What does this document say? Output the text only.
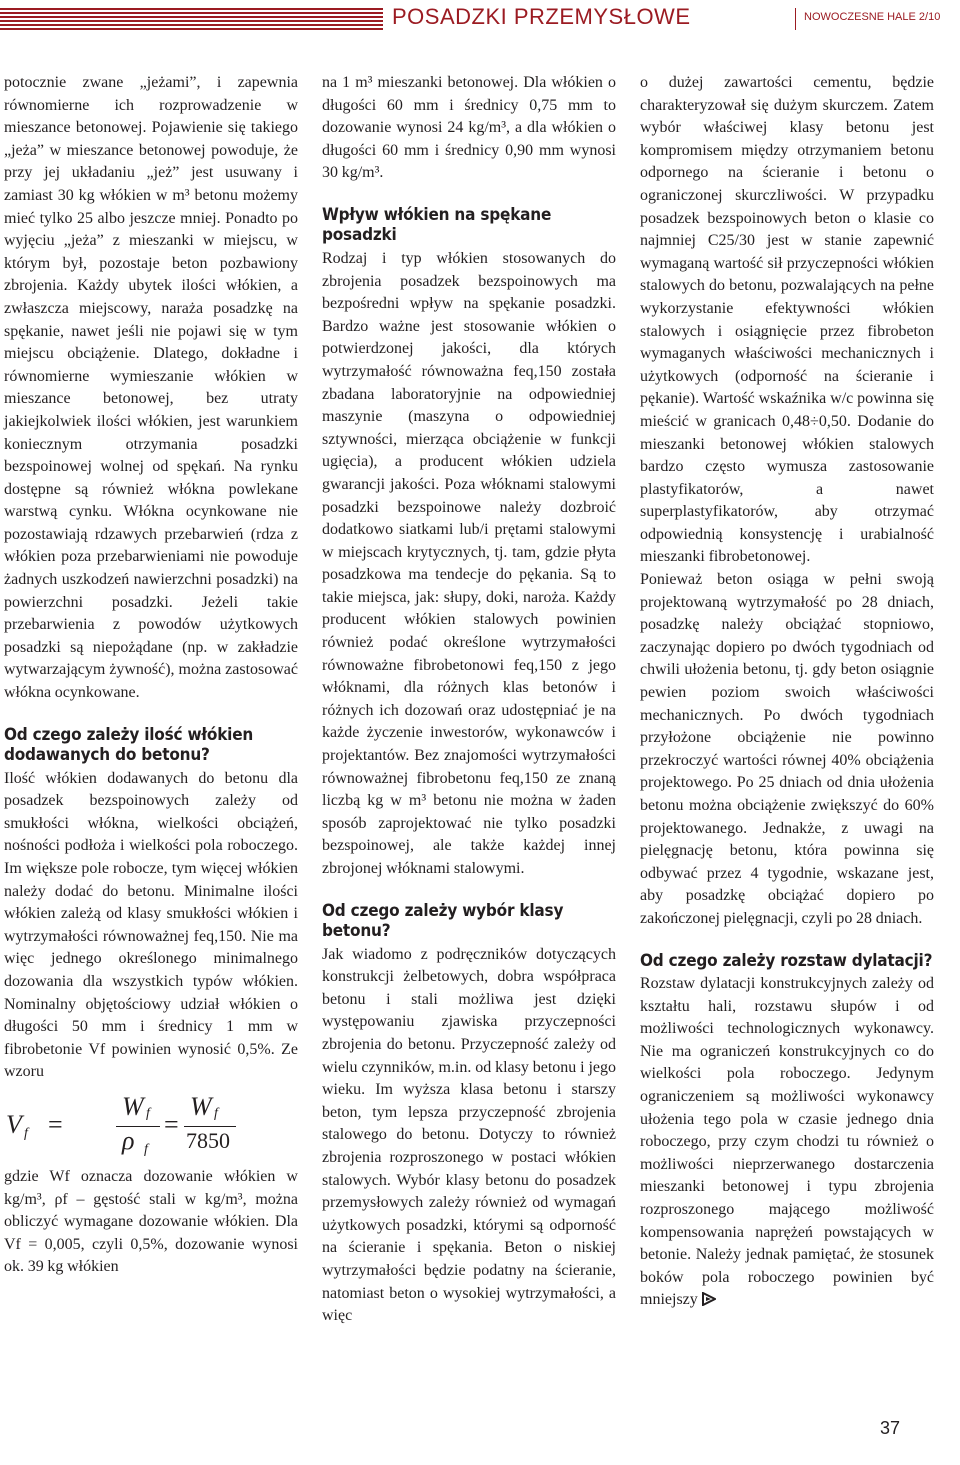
POSADZKI PRZEMYSŁOWE	NOWOCZESNE HALE 2/10

potocznie zwane „jeżami”, i zapewnia równomierne ich rozprowadzenie w mieszance betonowej. Pojawienie się takiego „jeża” w mieszance betonowej powoduje, że przy jej układaniu „jeż” jest usuwany i zamiast 30 kg włókien w m³ betonu możemy mieć tylko 25 albo jeszcze mniej. Ponadto po wyjęciu „jeża” z mieszanki w miejscu, w którym był, pozostaje beton pozbawiony zbrojenia. Każdy ubytek ilości włókien, a zwłaszcza miejscowy, naraża posadzkę na spękanie, nawet jeśli nie pojawi się w tym miejscu obciążenie. Dlatego, dokładne i równomierne wymieszanie włókien w mieszance betonowej, bez utraty jakiejkolwiek ilości włókien, jest warunkiem koniecznym otrzymania posadzki bezspoinowej wolnej od spękań. Na rynku dostępne są również włókna powlekane warstwą cynku. Włókna ocynkowane nie pozostawiają rdzawych przebarwień (rdza z włókien poza przebarwieniami nie powoduje żadnych uszkodzeń nawierzchni posadzki) na powierzchni posadzki. Jeżeli takie przebarwienia z powodów użytkowych posadzki są niepożądane (np. w zakładzie wytwarzającym żywność), można zastosować włókna ocynkowane.

Od czego zależy ilość włókien dodawanych do betonu?

Ilość włókien dodawanych do betonu dla posadzek bezspoinowych zależy od smukłości włókna, wielkości obciążeń, nośności podłoża i wielkości pola roboczego. Im większe pole robocze, tym więcej włókien należy dodać do betonu. Minimalne ilości włókien zależą od klasy smukłości włókien i wytrzymałości równoważnej feq,150. Nie ma więc jednego określonego minimalnego dozowania dla wszystkich typów włókien. Nominalny objętościowy udział włókien o długości 50 mm i średnicy 1 mm w fibrobetonie Vf powinien wynosić 0,5%. Ze wzoru

V f =
W f
ρ f
=
W f
7850

gdzie Wf oznacza dozowanie włókien w kg/m³, ρf – gęstość stali w kg/m³, można obliczyć wymagane dozowanie włókien. Dla Vf = 0,005, czyli 0,5%, dozowanie wynosi ok. 39 kg włókien

na 1 m³ mieszanki betonowej. Dla włókien o długości 60 mm i średnicy 0,75 mm to dozowanie wynosi 24 kg/m³, a dla włókien o długości 60 mm i średnicy 0,90 mm wynosi 30 kg/m³.

Wpływ włókien na spękane posadzki

Rodzaj i typ włókien stosowanych do zbrojenia posadzek bezspoinowych ma bezpośredni wpływ na spękanie posadzki. Bardzo ważne jest stosowanie włókien o potwierdzonej jakości, dla których wytrzymałość równoważna feq,150 została zbadana laboratoryjnie na odpowiedniej maszynie (maszyna o odpowiedniej sztywności, mierząca obciążenie w funkcji ugięcia), a producent włókien udziela gwarancji jakości. Poza włóknami stalowymi posadzki bezspoinowe należy dozbroić dodatkowo siatkami lub/i prętami stalowymi w miejscach krytycznych, tj. tam, gdzie płyta posadzkowa ma tendecje do pękania. Są to takie miejsca, jak: słupy, doki, naroża. Każdy producent włókien stalowych powinien również podać określone wytrzymałości równoważne fibrobetonowi feq,150 z jego włóknami, dla różnych klas betonów i różnych ich dozowań oraz udostępniać je na każde życzenie inwestorów, wykonawców i projektantów. Bez znajomości wytrzymałości równoważnej fibrobetonu feq,150 ze znaną liczbą kg w m³ betonu nie można w żaden sposób zaprojektować nie tylko posadzki bezspoinowej, ale także każdej innej zbrojonej włóknami stalowymi.

Od czego zależy wybór klasy betonu?

Jak wiadomo z podręczników dotyczących konstrukcji żelbetowych, dobra współpraca betonu i stali możliwa jest dzięki występowaniu zjawiska przyczepności zbrojenia do betonu. Przyczepność zależy od wielu czynników, m.in. od klasy betonu i jego wieku. Im wyższa klasa betonu i starszy beton, tym lepsza przyczepność zbrojenia stalowego do betonu. Dotyczy to również zbrojenia rozproszonego w postaci włókien stalowych. Wybór klasy betonu do posadzek przemysłowych zależy również od wymagań użytkowych posadzki, którymi są odporność na ścieranie i spękania. Beton o niskiej wytrzymałości będzie podatny na ścieranie, natomiast beton o wysokiej wytrzymałości, a więc

o dużej zawartości cementu, będzie charakteryzował się dużym skurczem. Zatem wybór właściwej klasy betonu jest kompromisem między otrzymaniem betonu odpornego na ścieranie i betonu o ograniczonej skurczliwości. W przypadku posadzek bezspoinowych beton o klasie co najmniej C25/30 jest w stanie zapewnić wymaganą wartość sił przyczepności włókien stalowych do betonu, pozwalających na pełne wykorzystanie efektywności włókien stalowych i osiągnięcie przez fibrobeton wymaganych właściwości mechanicznych i użytkowych (odporność na ścieranie i pękanie). Wartość wskaźnika w/c powinna się mieścić w granicach 0,48÷0,50. Dodanie do mieszanki betonowej włókien stalowych bardzo często wymusza zastosowanie plastyfikatorów, a nawet superplastyfikatorów, aby otrzymać odpowiednią konsystencję i urabialność mieszanki fibrobetonowej.

Ponieważ beton osiąga w pełni swoją projektowaną wytrzymałość po 28 dniach, posadzkę należy obciążać stopniowo, zaczynając dopiero po dwóch tygodniach od chwili ułożenia betonu, tj. gdy beton osiągnie pewien poziom swoich właściwości mechanicznych. Po dwóch tygodniach przyłożone obciążenie nie powinno przekroczyć wartości równej 40% obciążenia projektowego. Po 25 dniach od dnia ułożenia betonu można obciążenie zwiększyć do 60% projektowanego. Jednakże, z uwagi na pielęgnację betonu, która powinna się odbywać przez 4 tygodnie, wskazane jest, aby posadzkę obciążać dopiero po zakończonej pielęgnacji, czyli po 28 dniach.

Od czego zależy rozstaw dylatacji?

Rozstaw dylatacji konstrukcyjnych zależy od kształtu hali, rozstawu słupów i od możliwości technologicznych wykonawcy. Nie ma ograniczeń konstrukcyjnych co do wielkości pola roboczego. Jedynym ograniczeniem są możliwości wykonawcy ułożenia tego pola w czasie jednego dnia roboczego, przy czym chodzi tu również o możliwości nieprzerwanego dostarczenia mieszanki betonowej i typu zbrojenia rozproszonego mającego możliwość kompensowania naprężeń powstających w betonie. Należy jednak pamiętać, że stosunek boków pola roboczego powinien być mniejszy

37
